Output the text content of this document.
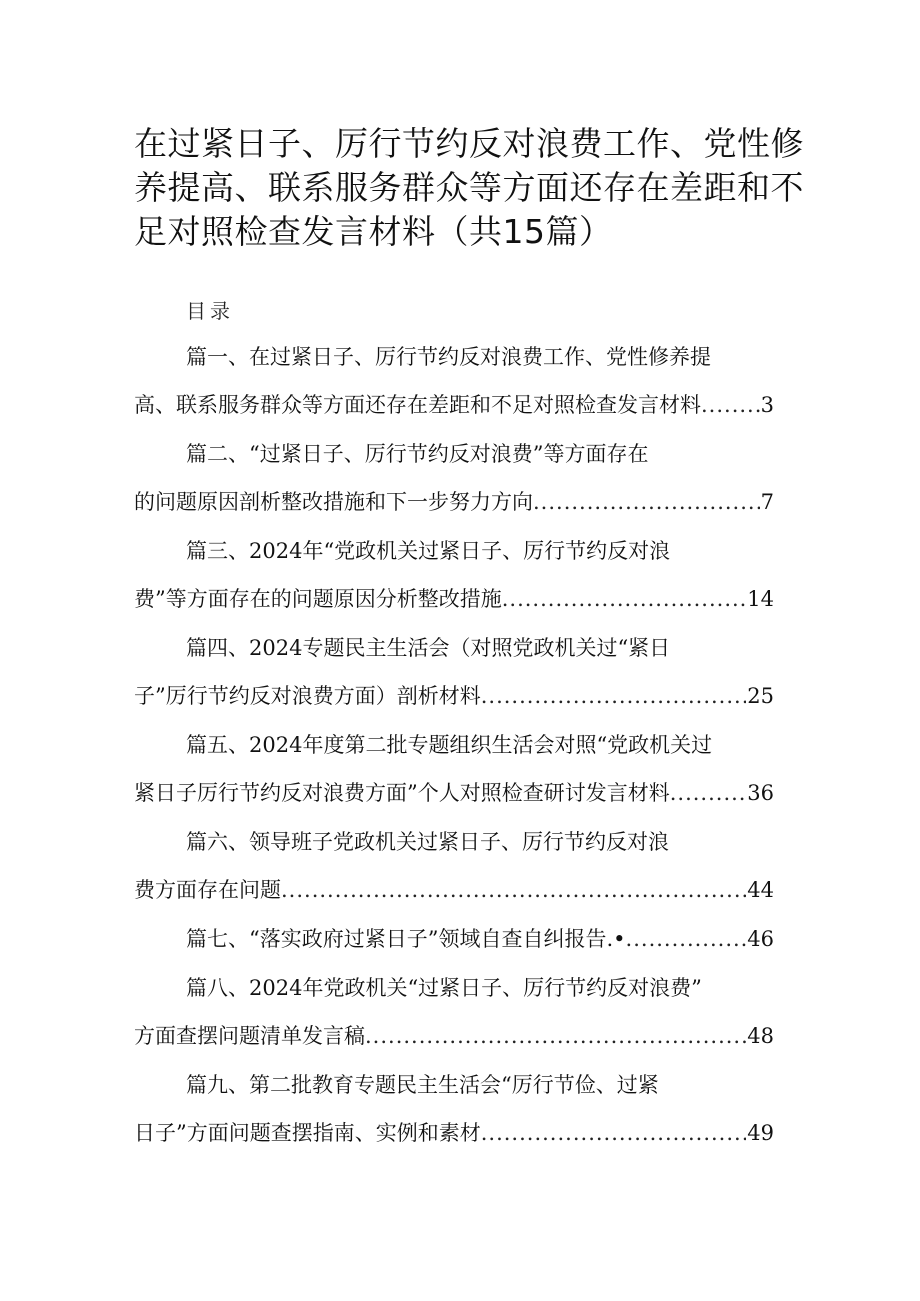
在过紧日子、厉行节约反对浪费工作、党性修养提高、联系服务群众等方面还存在差距和不足对照检查发言材料（共15篇）
目录
篇一、在过紧日子、厉行节约反对浪费工作、党性修养提
高、联系服务群众等方面还存在差距和不足对照检查发言材料 .....	3
篇二、“过紧日子、厉行节约反对浪费”等方面存在
的问题原因剖析整改措施和下一步努力方向 .....	7
篇三、2024年“党政机关过紧日子、厉行节约反对浪
费”等方面存在的问题原因分析整改措施 .....	14
篇四、2024专题民主生活会（对照党政机关过“紧日
子”厉行节约反对浪费方面）剖析材料 .....	25
篇五、2024年度第二批专题组织生活会对照“党政机关过
紧日子厉行节约反对浪费方面”个人对照检查研讨发言材料 .....	36
篇六、领导班子党政机关过紧日子、厉行节约反对浪
费方面存在问题 .....	44
篇七、“落实政府过紧日子”领域自查自纠报告.• .....	46
篇八、2024年党政机关“过紧日子、厉行节约反对浪费”
方面查摆问题清单发言稿 .....	48
篇九、第二批教育专题民主生活会“厉行节俭、过紧
日子”方面问题查摆指南、实例和素材 .....	49
